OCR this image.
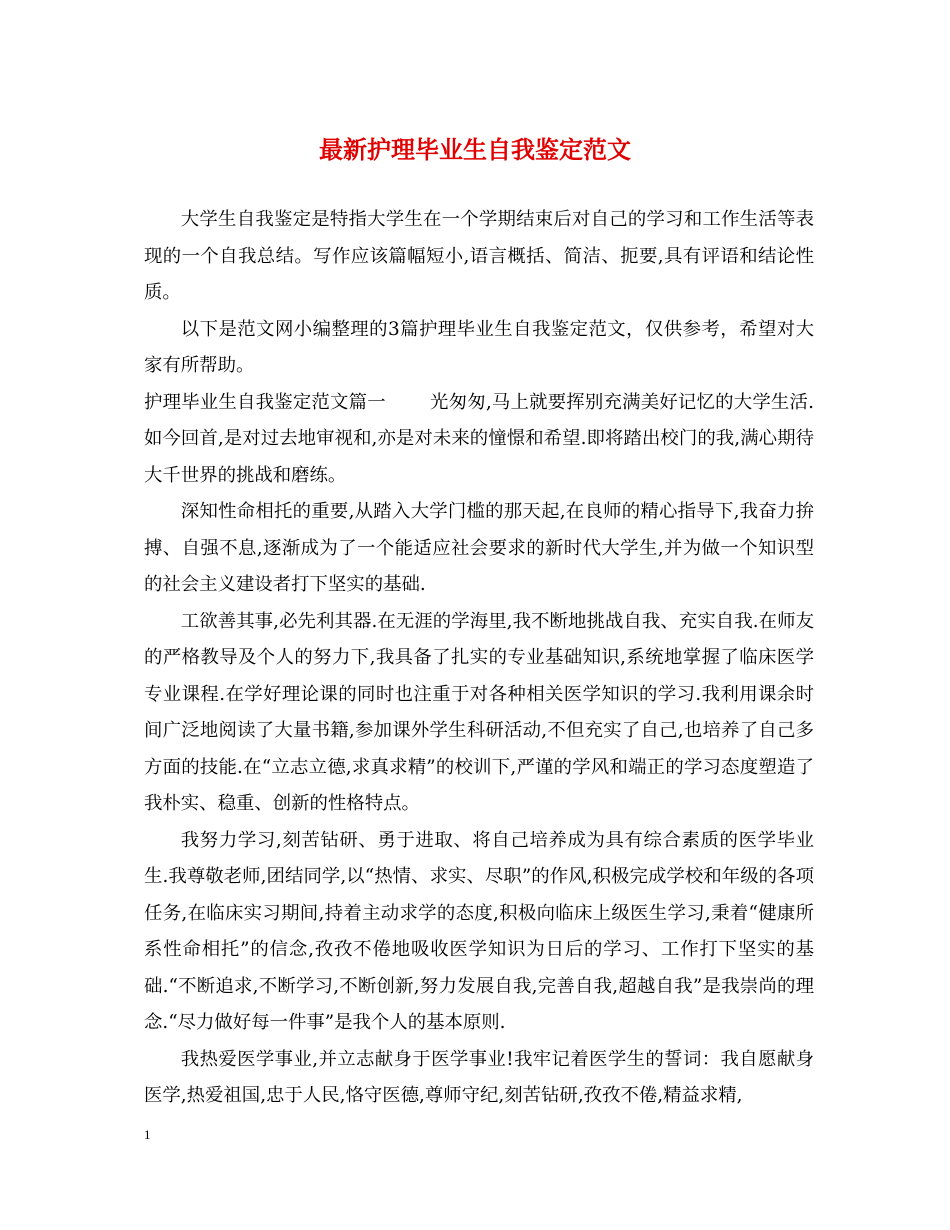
最新护理毕业生自我鉴定范文

大学生自我鉴定是特指大学生在一个学期结束后对自己的学习和工作生活等表现的一个自我总结。写作应该篇幅短小,语言概括、简洁、扼要,具有评语和结论性质。

以下是范文网小编整理的3篇护理毕业生自我鉴定范文，仅供参考，希望对大家有所帮助。

护理毕业生自我鉴定范文篇一 光匆匆,马上就要挥别充满美好记忆的大学生活.如今回首,是对过去地审视和,亦是对未来的憧憬和希望.即将踏出校门的我,满心期待大千世界的挑战和磨练。

深知性命相托的重要,从踏入大学门槛的那天起,在良师的精心指导下,我奋力拚搏、自强不息,逐渐成为了一个能适应社会要求的新时代大学生,并为做一个知识型的社会主义建设者打下坚实的基础.

工欲善其事,必先利其器.在无涯的学海里,我不断地挑战自我、充实自我.在师友的严格教导及个人的努力下,我具备了扎实的专业基础知识,系统地掌握了临床医学专业课程.在学好理论课的同时也注重于对各种相关医学知识的学习.我利用课余时间广泛地阅读了大量书籍,参加课外学生科研活动,不但充实了自己,也培养了自己多方面的技能.在“立志立德,求真求精”的校训下,严谨的学风和端正的学习态度塑造了我朴实、稳重、创新的性格特点。

我努力学习,刻苦钻研、勇于进取、将自己培养成为具有综合素质的医学毕业生.我尊敬老师,团结同学,以“热情、求实、尽职”的作风,积极完成学校和年级的各项任务,在临床实习期间,持着主动求学的态度,积极向临床上级医生学习,秉着“健康所系性命相托”的信念,孜孜不倦地吸收医学知识为日后的学习、工作打下坚实的基础.“不断追求,不断学习,不断创新,努力发展自我,完善自我,超越自我”是我崇尚的理念.“尽力做好每一件事”是我个人的基本原则.

我热爱医学事业,并立志献身于医学事业!我牢记着医学生的誓词：我自愿献身医学,热爱祖国,忠于人民,恪守医德,尊师守纪,刻苦钻研,孜孜不倦,精益求精,

1
